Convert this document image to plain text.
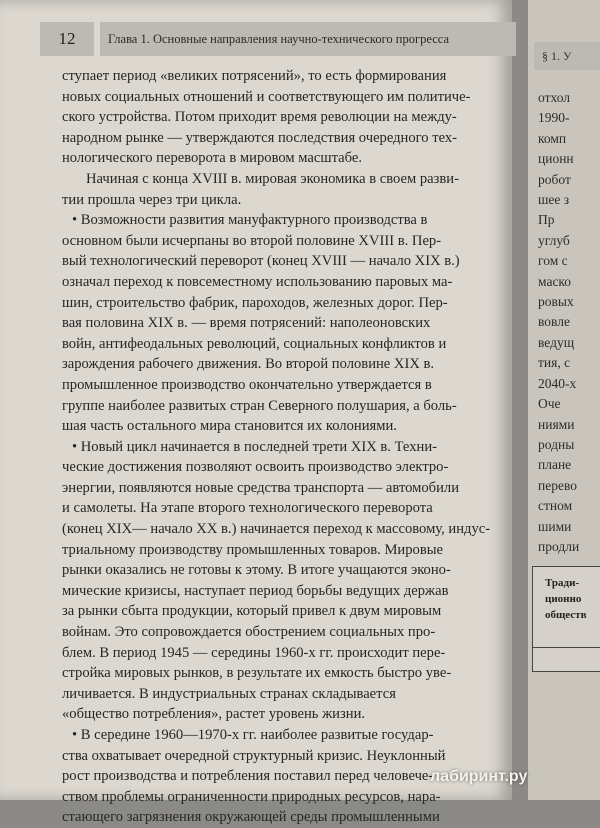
12	Глава 1. Основные направления научно-технического прогресса
ступает период «великих потрясений», то есть формирования
новых социальных отношений и соответствующего им политиче-
ского устройства. Потом приходит время революции на между-
народном рынке — утверждаются последствия очередного тех-
нологического переворота в мировом масштабе.
Начиная с конца XVIII в. мировая экономика в своем разви-
тии прошла через три цикла.
• Возможности развития мануфактурного производства в
основном были исчерпаны во второй половине XVIII в. Пер-
вый технологический переворот (конец XVIII — начало XIX в.)
означал переход к повсеместному использованию паровых ма-
шин, строительство фабрик, пароходов, железных дорог. Пер-
вая половина XIX в. — время потрясений: наполеоновских
войн, антифеодальных революций, социальных конфликтов и
зарождения рабочего движения. Во второй половине XIX в.
промышленное производство окончательно утверждается в
группе наиболее развитых стран Северного полушария, а боль-
шая часть остального мира становится их колониями.
• Новый цикл начинается в последней трети XIX в. Техни-
ческие достижения позволяют освоить производство электро-
энергии, появляются новые средства транспорта — автомобили
и самолеты. На этапе второго технологического переворота
(конец XIX— начало XX в.) начинается переход к массовому, индус-
триальному производству промышленных товаров. Мировые
рынки оказались не готовы к этому. В итоге учащаются эконо-
мические кризисы, наступает период борьбы ведущих держав
за рынки сбыта продукции, который привел к двум мировым
войнам. Это сопровождается обострением социальных про-
блем. В период 1945 — середины 1960-х гг. происходит пере-
стройка мировых рынков, в результате их емкость быстро уве-
личивается. В индустриальных странах складывается
«общество потребления», растет уровень жизни.
• В середине 1960—1970-х гг. наиболее развитые государ-
ства охватывает очередной структурный кризис. Неуклонный
рост производства и потребления поставил перед человече-
ством проблемы ограниченности природных ресурсов, нара-
стающего загрязнения окружающей среды промышленными
§ 1. У
отхол
1990-
комп
ционн
робот
шее з
Пр
углуб
гом с
маско
ровых
вовле
ведущ
тия, с
2040-х
Оче
ниями
родны
плане
перево
стном
шими
продли
Тради-
ционно
обществ
лабиринт.ру
